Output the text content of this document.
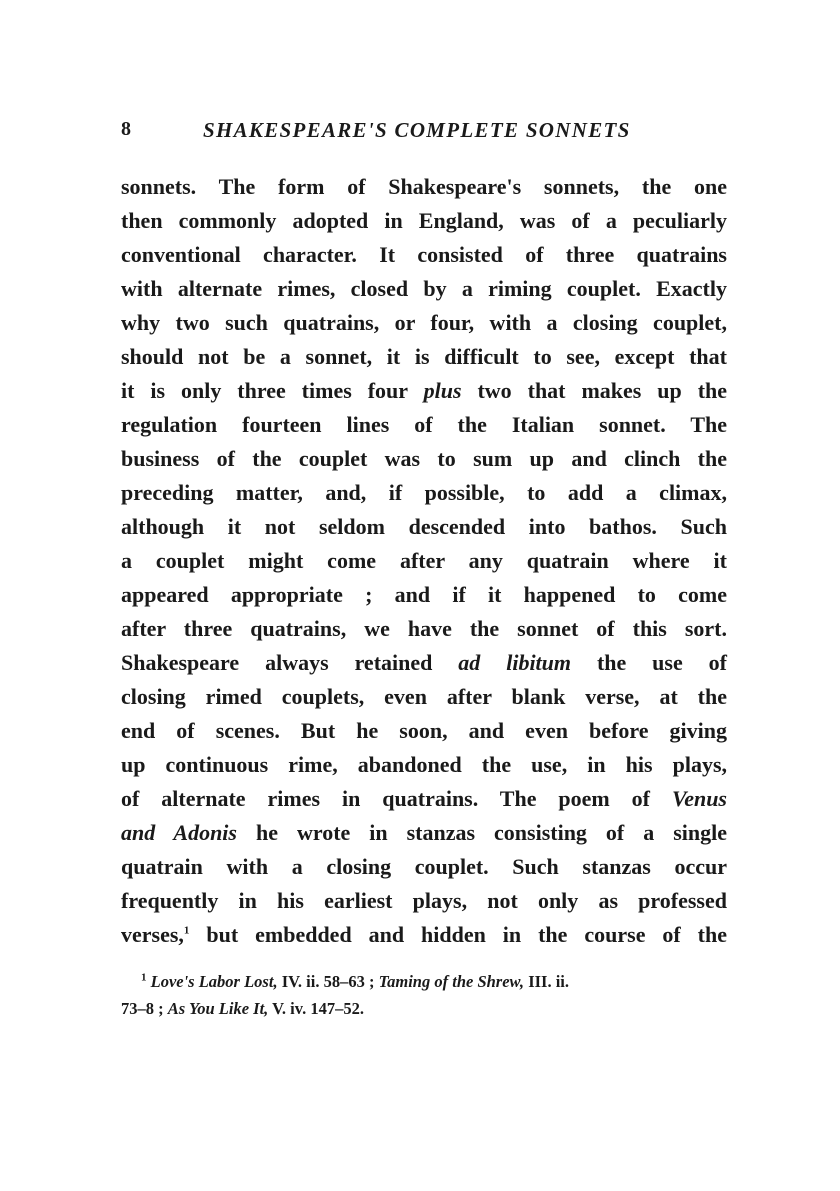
8	SHAKESPEARE'S COMPLETE SONNETS
sonnets. The form of Shakespeare's sonnets, the one
then commonly adopted in England, was of a peculiarly
conventional character. It consisted of three quatrains
with alternate rimes, closed by a riming couplet. Exactly
why two such quatrains, or four, with a closing couplet,
should not be a sonnet, it is difficult to see, except that
it is only three times four plus two that makes up the
regulation fourteen lines of the Italian sonnet. The
business of the couplet was to sum up and clinch the
preceding matter, and, if possible, to add a climax,
although it not seldom descended into bathos. Such
a couplet might come after any quatrain where it
appeared appropriate ; and if it happened to come
after three quatrains, we have the sonnet of this sort.
Shakespeare always retained ad libitum the use of
closing rimed couplets, even after blank verse, at the
end of scenes. But he soon, and even before giving
up continuous rime, abandoned the use, in his plays,
of alternate rimes in quatrains. The poem of Venus
and Adonis he wrote in stanzas consisting of a single
quatrain with a closing couplet. Such stanzas occur
frequently in his earliest plays, not only as professed
verses,$^1$ but embedded and hidden in the course of the
$^1$ Love's Labor Lost, IV. ii. 58–63 ; Taming of the Shrew, III. ii.
73–8 ; As You Like It, V. iv. 147–52.
